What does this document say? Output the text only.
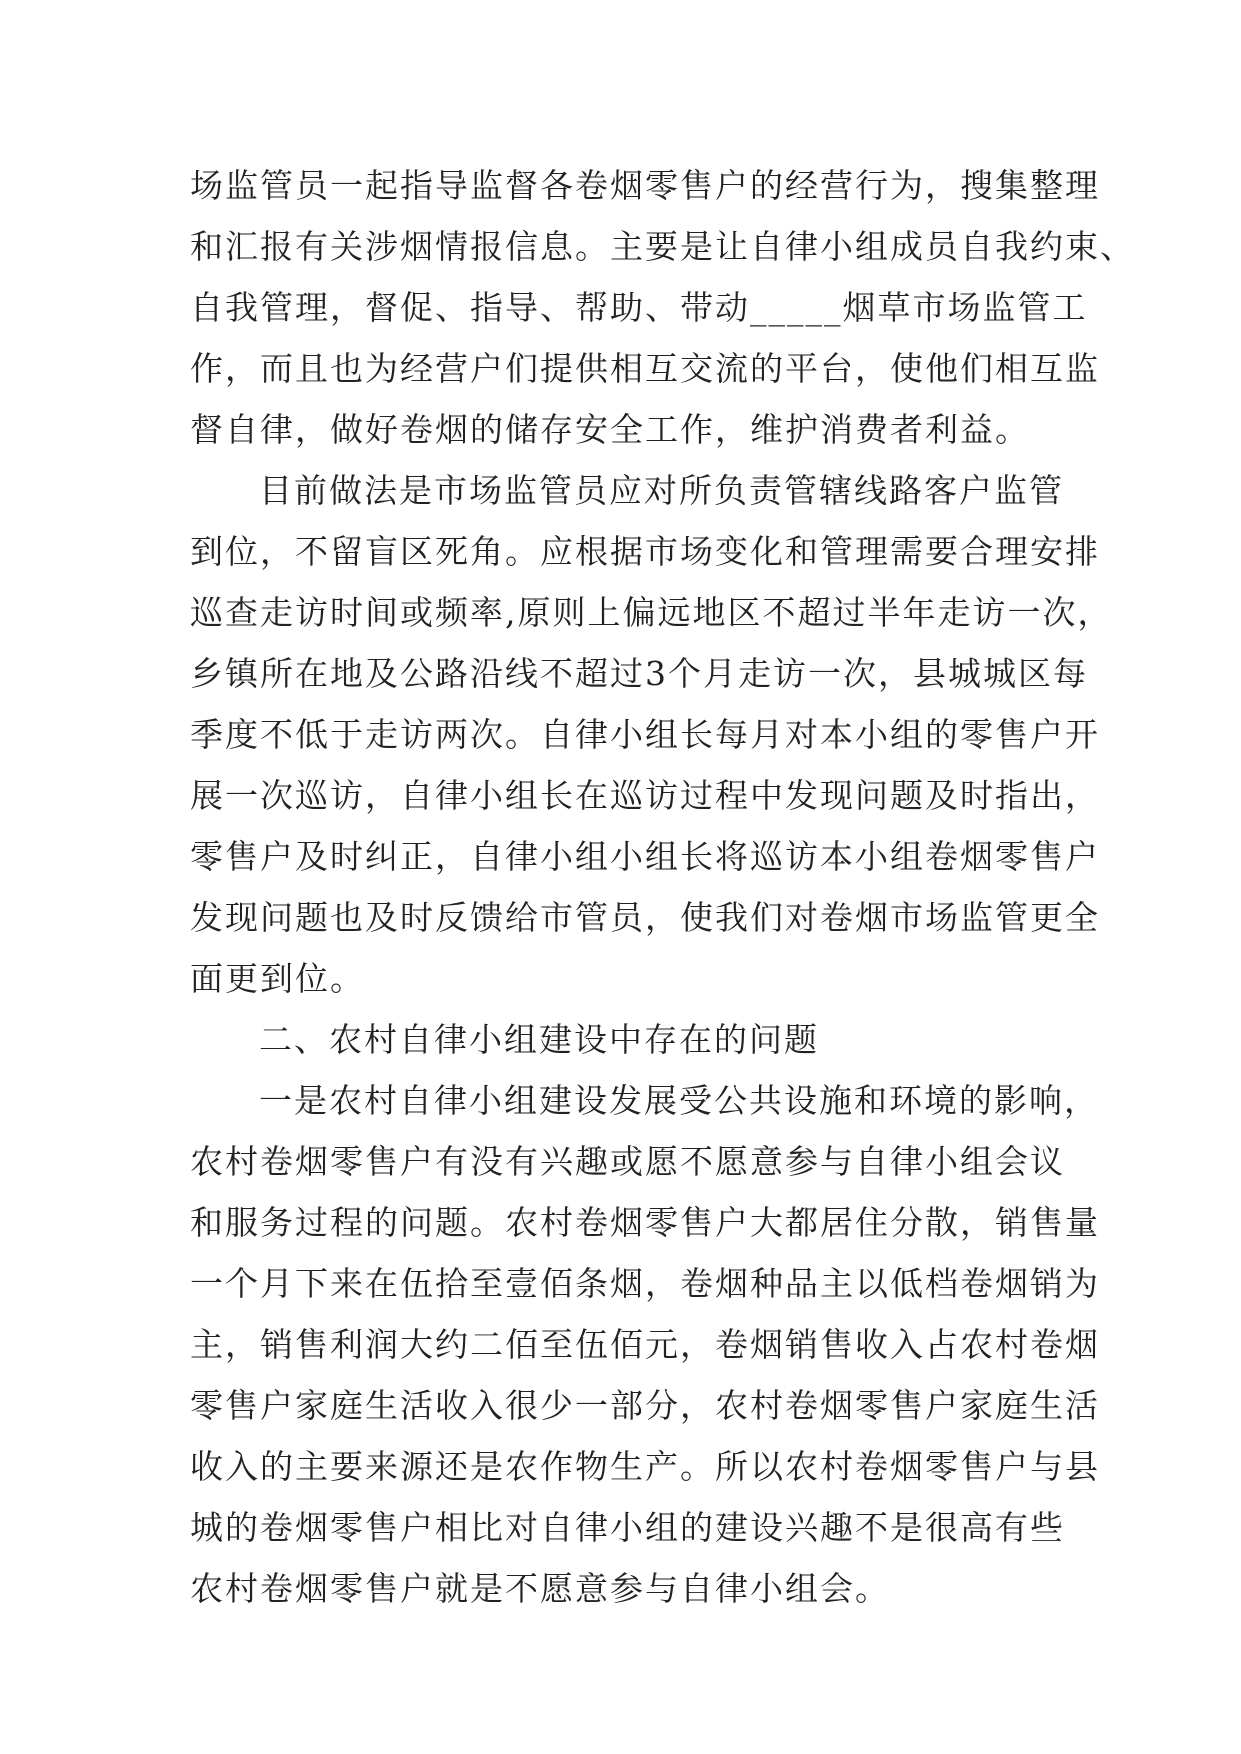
场监管员一起指导监督各卷烟零售户的经营行为，搜集整理
和汇报有关涉烟情报信息。主要是让自律小组成员自我约束、
自我管理，督促、指导、帮助、带动_____烟草市场监管工
作，而且也为经营户们提供相互交流的平台，使他们相互监
督自律，做好卷烟的储存安全工作，维护消费者利益。
目前做法是市场监管员应对所负责管辖线路客户监管
到位，不留盲区死角。应根据市场变化和管理需要合理安排
巡查走访时间或频率,原则上偏远地区不超过半年走访一次，
乡镇所在地及公路沿线不超过3个月走访一次，县城城区每
季度不低于走访两次。自律小组长每月对本小组的零售户开
展一次巡访，自律小组长在巡访过程中发现问题及时指出，
零售户及时纠正，自律小组小组长将巡访本小组卷烟零售户
发现问题也及时反馈给市管员，使我们对卷烟市场监管更全
面更到位。
二、农村自律小组建设中存在的问题
一是农村自律小组建设发展受公共设施和环境的影响，
农村卷烟零售户有没有兴趣或愿不愿意参与自律小组会议
和服务过程的问题。农村卷烟零售户大都居住分散，销售量
一个月下来在伍拾至壹佰条烟，卷烟种品主以低档卷烟销为
主，销售利润大约二佰至伍佰元，卷烟销售收入占农村卷烟
零售户家庭生活收入很少一部分，农村卷烟零售户家庭生活
收入的主要来源还是农作物生产。所以农村卷烟零售户与县
城的卷烟零售户相比对自律小组的建设兴趣不是很高有些
农村卷烟零售户就是不愿意参与自律小组会。
